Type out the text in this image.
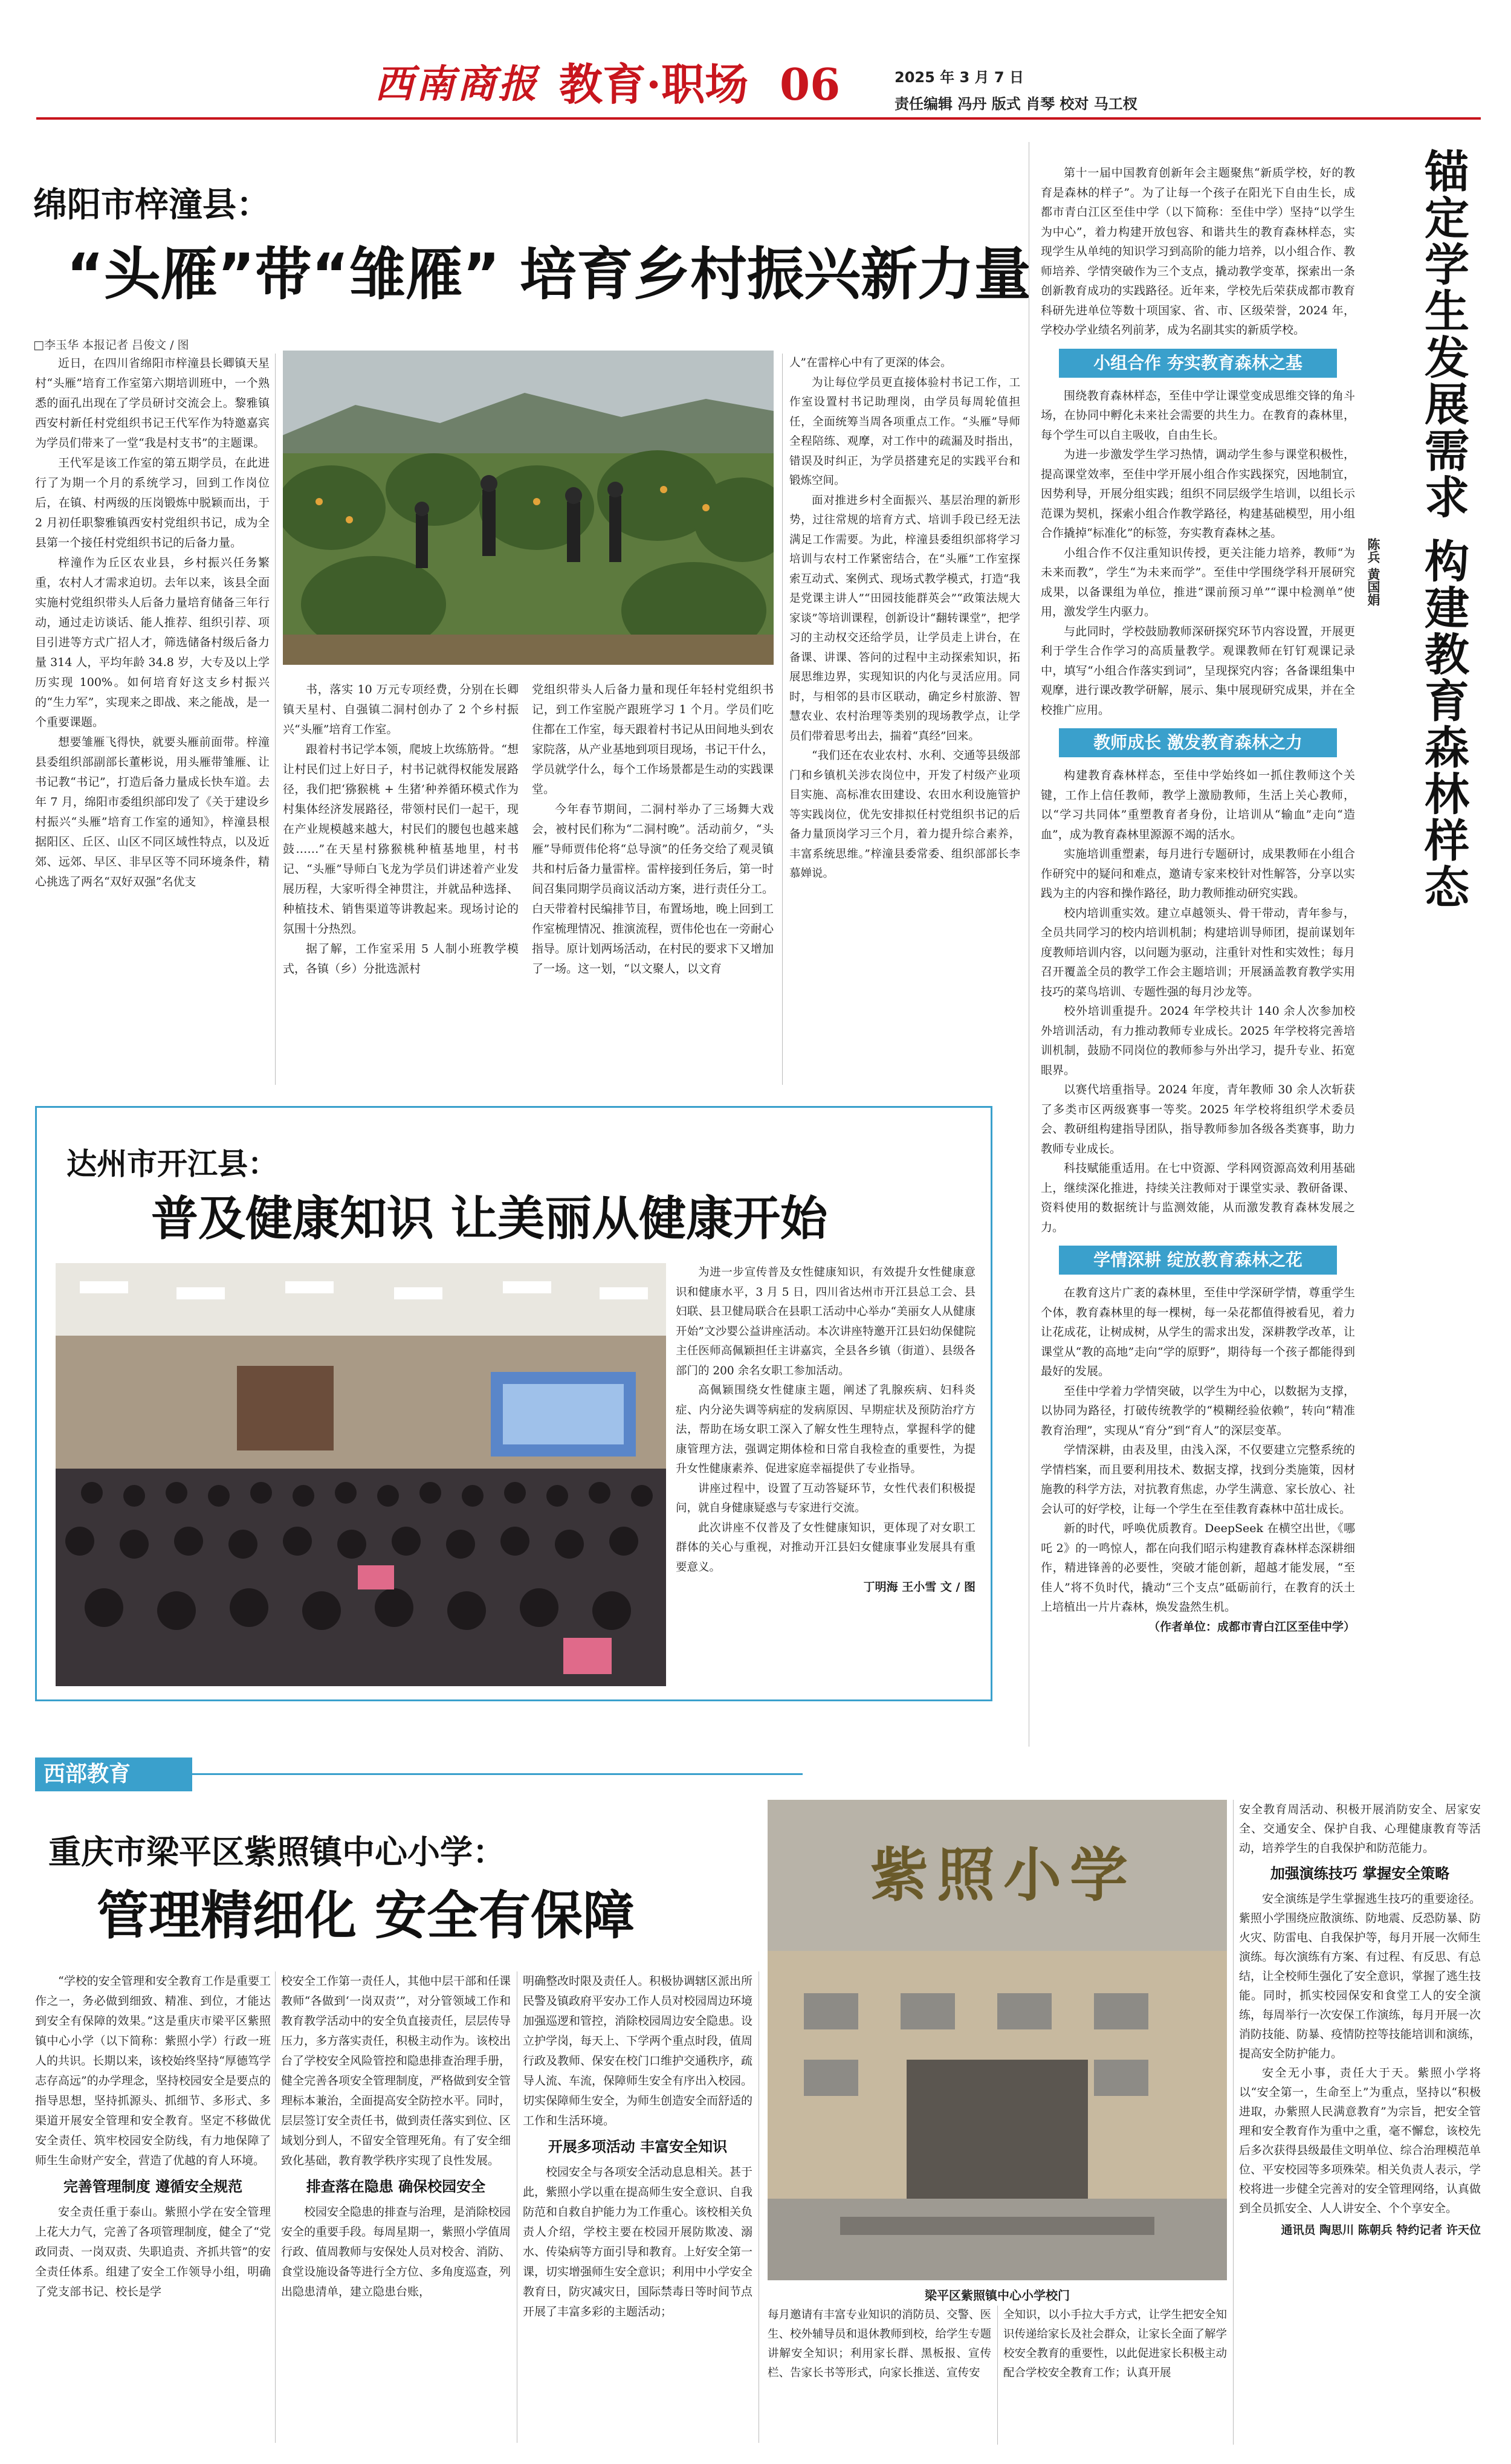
西南商报 教育·职场 06	2025 年 3 月 7 日
责任编辑 冯丹 版式 肖琴 校对 马工杈
绵阳市梓潼县：
“头雁”带“雏雁” 培育乡村振兴新力量
□李玉华 本报记者 吕俊文 / 图

近日，在四川省绵阳市梓潼县长卿镇天星村“头雁”培育工作室第六期培训班中，一个熟悉的面孔出现在了学员研讨交流会上。黎雅镇西安村新任村党组织书记王代军作为特邀嘉宾为学员们带来了一堂“我是村支书”的主题课。

王代军是该工作室的第五期学员，在此进行了为期一个月的系统学习，回到工作岗位后，在镇、村两级的压岗锻炼中脱颖而出，于 2 月初任职黎雅镇西安村党组织书记，成为全县第一个接任村党组织书记的后备力量。

梓潼作为丘区农业县，乡村振兴任务繁重，农村人才需求迫切。去年以来，该县全面实施村党组织带头人后备力量培育储备三年行动，通过走访谈话、能人推荐、组织引荐、项目引进等方式广招人才，筛选储备村级后备力量 314 人，平均年龄 34.8 岁，大专及以上学历实现 100%。如何培育好这支乡村振兴的“生力军”，实现来之即战、来之能战，是一个重要课题。

想要雏雁飞得快，就要头雁前面带。梓潼县委组织部副部长董彬说，用头雁带雏雁、让书记教“书记”，打造后备力量成长快车道。去年 7 月，绵阳市委组织部印发了《关于建设乡村振兴“头雁”培育工作室的通知》，梓潼县根据阳区、丘区、山区不同区域性特点，以及近郊、远郊、早区、非早区等不同环境条件，精心挑选了两名“双好双强”名优支

书，落实 10 万元专项经费，分别在长卿镇天星村、自强镇二洞村创办了 2 个乡村振兴“头雁”培育工作室。

跟着村书记学本领，爬坡上坎练筋骨。“想让村民们过上好日子，村书记就得权能发展路径，我们把‘猕猴桃 + 生猪’种养循环模式作为村集体经济发展路径，带领村民们一起干，现在产业规模越来越大，村民们的腰包也越来越鼓……”在天星村猕猴桃种植基地里，村书记、“头雁”导师白飞龙为学员们讲述着产业发展历程，大家听得全神贯注，并就品种选择、种植技术、销售渠道等讲教起来。现场讨论的氛围十分热烈。

据了解，工作室采用 5 人制小班教学模式，各镇（乡）分批选派村

党组织带头人后备力量和现任年轻村党组织书记，到工作室脱产跟班学习 1 个月。学员们吃住都在工作室，每天跟着村书记从田间地头到农家院落，从产业基地到项目现场，书记干什么，学员就学什么，每个工作场景都是生动的实践课堂。

今年春节期间，二洞村举办了三场舞大戏会，被村民们称为“二洞村晚”。活动前夕，“头雁”导师贾伟伦将“总导演”的任务交给了观灵镇共和村后备力量雷梓。雷梓接到任务后，第一时间召集同期学员商议活动方案，进行责任分工。白天带着村民编排节目，布置场地，晚上回到工作室梳理情况、推演流程，贾伟伦也在一旁耐心指导。原计划两场活动，在村民的要求下又增加了一场。这一划，“以文聚人，以文育

人”在雷梓心中有了更深的体会。

为让每位学员更直接体验村书记工作，工作室设置村书记助理岗，由学员每周轮值担任，全面统筹当周各项重点工作。“头雁”导师全程陪练、观摩，对工作中的疏漏及时指出，错误及时纠正，为学员搭建充足的实践平台和锻炼空间。

面对推进乡村全面振兴、基层治理的新形势，过往常规的培育方式、培训手段已经无法满足工作需要。为此，梓潼县委组织部将学习培训与农村工作紧密结合，在“头雁”工作室探索互动式、案例式、现场式教学模式，打造“我是党课主讲人”“田园技能群英会”“政策法规大家谈”等培训课程，创新设计“翻转课堂”，把学习的主动权交还给学员，让学员走上讲台，在备课、讲课、答问的过程中主动探索知识，拓展思维边界，实现知识的内化与灵活应用。同时，与相邻的县市区联动，确定乡村旅游、智慧农业、农村治理等类别的现场教学点，让学员们带着思考出去，揣着“真经”回来。

“我们还在农业农村、水利、交通等县级部门和乡镇机关涉农岗位中，开发了村级产业项目实施、高标准农田建设、农田水利设施管护等实践岗位，优先安排拟任村党组织书记的后备力量顶岗学习三个月，着力提升综合素养，丰富系统思维。”梓潼县委常委、组织部部长李慕婵说。

达州市开江县：
普及健康知识 让美丽从健康开始

为进一步宣传普及女性健康知识，有效提升女性健康意识和健康水平，3 月 5 日，四川省达州市开江县总工会、县妇联、县卫健局联合在县职工活动中心举办“美丽女人从健康开始”文沙婴公益讲座活动。本次讲座特邀开江县妇幼保健院主任医师高佩颖担任主讲嘉宾，全县各乡镇（街道）、县级各部门的 200 余名女职工参加活动。

高佩颖围绕女性健康主题，阐述了乳腺疾病、妇科炎症、内分泌失调等病症的发病原因、早期症状及预防治疗方法，帮助在场女职工深入了解女性生理特点，掌握科学的健康管理方法，强调定期体检和日常自我检查的重要性，为提升女性健康素养、促进家庭幸福提供了专业指导。

讲座过程中，设置了互动答疑环节，女性代表们积极提问，就自身健康疑惑与专家进行交流。

此次讲座不仅普及了女性健康知识，更体现了对女职工群体的关心与重视，对推动开江县妇女健康事业发展具有重要意义。

丁明海 王小雪 文 / 图
锚定学生发展需求 构建教育森林样态
陈兵 黄国娟

第十一届中国教育创新年会主题聚焦“新质学校，好的教育是森林的样子”。为了让每一个孩子在阳光下自由生长，成都市青白江区至佳中学（以下简称：至佳中学）坚持“以学生为中心”，着力构建开放包容、和谐共生的教育森林样态，实现学生从单纯的知识学习到高阶的能力培养，以小组合作、教师培养、学情突破作为三个支点，撬动教学变革，探索出一条创新教育成功的实践路径。近年来，学校先后荣获成都市教育科研先进单位等数十项国家、省、市、区级荣誉，2024 年，学校办学业绩名列前茅，成为名副其实的新质学校。

小组合作 夯实教育森林之基

围绕教育森林样态，至佳中学让课堂变成思维交锋的角斗场，在协同中孵化未来社会需要的共生力。在教育的森林里，每个学生可以自主吸收，自由生长。

为进一步激发学生学习热情，调动学生参与课堂积极性，提高课堂效率，至佳中学开展小组合作实践探究，因地制宜，因势利导，开展分组实践；组织不同层级学生培训，以组长示范课为契机，探索小组合作教学路径，构建基础模型，用小组合作撬掉“标准化”的标签，夯实教育森林之基。

小组合作不仅注重知识传授，更关注能力培养，教师“为未来而教”，学生“为未来而学”。至佳中学围绕学科开展研究成果，以备课组为单位，推进“课前预习单”“课中检测单”使用，激发学生内驱力。

与此同时，学校鼓励教师深研探究环节内容设置，开展更利于学生合作学习的高质量教学。观课教师在钉钉观课记录中，填写“小组合作落实到词”，呈现探究内容；各备课组集中观摩，进行课改教学研解，展示、集中展现研究成果，并在全校推广应用。

教师成长 激发教育森林之力

构建教育森林样态，至佳中学始终如一抓住教师这个关键，工作上信任教师，教学上激励教师，生活上关心教师，以“学习共同体”重塑教育者身份，让培训从“输血”走向“造血”，成为教育森林里源源不竭的活水。

实施培训重塑素，每月进行专题研讨，成果教师在小组合作研究中的疑问和难点，邀请专家来校针对性解答，分享以实践为主的内容和操作路径，助力教师推动研究实践。

校内培训重实效。建立卓越领头、骨干带动，青年参与，全员共同学习的校内培训机制；构建培训导师团，提前谋划年度教师培训内容，以问题为驱动，注重针对性和实效性；每月召开覆盖全员的教学工作会主题培训；开展涵盖教育教学实用技巧的菜鸟培训、专题性强的每月沙龙等。

校外培训重提升。2024 年学校共计 140 余人次参加校外培训活动，有力推动教师专业成长。2025 年学校将完善培训机制，鼓励不同岗位的教师参与外出学习，提升专业、拓宽眼界。

以赛代培重指导。2024 年度，青年教师 30 余人次斩获了多类市区两级赛事一等奖。2025 年学校将组织学术委员会、教研组构建指导团队，指导教师参加各级各类赛事，助力教师专业成长。

科技赋能重适用。在七中资源、学科网资源高效利用基础上，继续深化推进，持续关注教师对于课堂实录、教研备课、资料使用的数据统计与监测效能，从而激发教育森林发展之力。

学情深耕 绽放教育森林之花

在教育这片广袤的森林里，至佳中学深研学情，尊重学生个体，教育森林里的每一棵树，每一朵花都值得被看见，着力让花成花，让树成树，从学生的需求出发，深耕教学改革，让课堂从“教的高地”走向“学的原野”，期待每一个孩子都能得到最好的发展。

至佳中学着力学情突破，以学生为中心，以数据为支撑，以协同为路径，打破传统教学的“模糊经验依赖”，转向“精准教育治理”，实现从“育分”到“育人”的深层变革。

学情深耕，由表及里，由浅入深，不仅要建立完整系统的学情档案，而且要利用技术、数据支撑，找到分类施策，因材施教的科学方法，对抗教育焦虑，办学生满意、家长放心、社会认可的好学校，让每一个学生在至佳教育森林中茁壮成长。

新的时代，呼唤优质教育。DeepSeek 在横空出世，《哪吒 2》的一鸣惊人，都在向我们昭示构建教育森林样态深耕细作，精进锋善的必要性，突破才能创新，超越才能发展，“至佳人”将不负时代，撬动“三个支点”砥砺前行，在教育的沃土上培植出一片片森林，焕发盎然生机。

（作者单位：成都市青白江区至佳中学）
西部教育
重庆市梁平区紫照镇中心小学：
管理精细化 安全有保障

“学校的安全管理和安全教育工作是重要工作之一，务必做到细致、精准、到位，才能达到安全有保障的效果。”这是重庆市梁平区紫照镇中心小学（以下简称：紫照小学）行政一班人的共识。长期以来，该校始终坚持“厚德笃学 志存高远”的办学理念，坚持校园安全是要点的指导思想，坚持抓源头、抓细节、多形式、多渠道开展安全管理和安全教育。坚定不移做优安全责任、筑牢校园安全防线，有力地保障了师生生命财产安全，营造了优越的育人环境。

完善管理制度 遵循安全规范

安全责任重于泰山。紫照小学在安全管理上花大力气，完善了各项管理制度，健全了“党政同责、一岗双责、失职追责、齐抓共管”的安全责任体系。组建了安全工作领导小组，明确了党支部书记、校长是学

校安全工作第一责任人，其他中层干部和任课教师“各做到‘一岗双责’”，对分管领域工作和教育教学活动中的安全负直接责任，层层传导压力，多方落实责任，积极主动作为。该校出台了学校安全风险管控和隐患排查治理手册，健全完善各项安全管理制度，严格做到安全管理标本兼治，全面提高安全防控水平。同时，层层签订安全责任书，做到责任落实到位、区域划分到人，不留安全管理死角。有了安全细致化基础，教育教学秩序实现了良性发展。

排查落在隐患 确保校园安全

校园安全隐患的排查与治理，是消除校园安全的重要手段。每周星期一，紫照小学值周行政、值周教师与安保处人员对校舍、消防、食堂设施设备等进行全方位、多角度巡查，列出隐患清单，建立隐患台账，

明确整改时限及责任人。积极协调辖区派出所民警及镇政府平安办工作人员对校园周边环境加强巡逻和管控，消除校园周边安全隐患。设立护学岗，每天上、下学两个重点时段，值周行政及教师、保安在校门口维护交通秩序，疏导人流、车流，保障师生安全有序出入校园。切实保障师生安全，为师生创造安全而舒适的工作和生活环境。

开展多项活动 丰富安全知识

校园安全与各项安全活动息息相关。甚于此，紫照小学以重在提高师生安全意识、自我防范和自救自护能力为工作重心。该校相关负责人介绍，学校主要在校园开展防欺凌、溺水、传染病等方面引导和教育。上好安全第一课，切实增强师生安全意识；利用中小学安全教育日，防灾减灾日，国际禁毒日等时间节点开展了丰富多彩的主题活动；

紫照小学
梁平区紫照镇中心小学校门

每月邀请有丰富专业知识的消防员、交警、医生、校外辅导员和退休教师到校，给学生专题讲解安全知识；利用家长群、黑板报、宣传栏、告家长书等形式，向家长推送、宣传安

全知识，以小手拉大手方式，让学生把安全知识传递给家长及社会群众，让家长全面了解学校安全教育的重要性，以此促进家长积极主动配合学校安全教育工作；认真开展

安全教育周活动、积极开展消防安全、居家安全、交通安全、保护自我、心理健康教育等活动，培养学生的自我保护和防范能力。

加强演练技巧 掌握安全策略

安全演练是学生掌握逃生技巧的重要途径。紫照小学围绕应散演练、防地震、反恐防暴、防火灾、防雷电、自我保护等，每月开展一次师生演练。每次演练有方案、有过程、有反思、有总结，让全校师生强化了安全意识，掌握了逃生技能。同时，抓实校园保安和食堂工人的安全演练，每周举行一次安保工作演练，每月开展一次消防技能、防暴、疫情防控等技能培训和演练，提高安全防护能力。

安全无小事，责任大于天。紫照小学将以“安全第一，生命至上”为重点，坚持以“积极进取，办紫照人民满意教育”为宗旨，把安全管理和安全教育作为重中之重，毫不懈怠，该校先后多次获得县级最佳文明单位、综合治理模范单位、平安校园等多项殊荣。相关负责人表示，学校将进一步健全完善对的安全管理网络，认真做到全员抓安全、人人讲安全、个个享安全。

通讯员 陶思川 陈朝兵 特约记者 许天位
